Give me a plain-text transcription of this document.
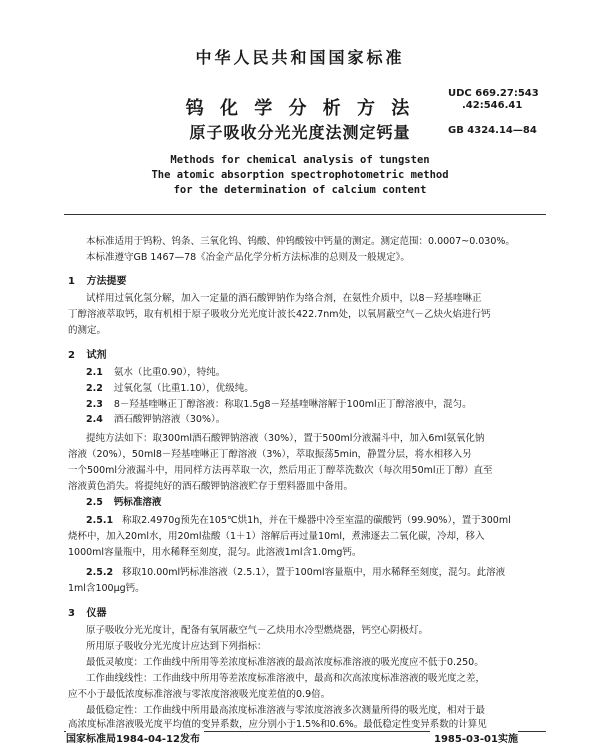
中华人民共和国国家标准
钨 化 学 分 析 方 法
原子吸收分光光度法测定钙量
UDC 669.27:543
.42:546.41
GB 4324.14—84
Methods for chemical analysis of tungsten
The atomic absorption spectrophotometric method
for the determination of calcium content
本标准适用于钨粉、钨条、三氧化钨、钨酸、仲钨酸铵中钙量的测定。测定范围：0.0007~0.030%。
本标准遵守GB 1467—78《冶金产品化学分析方法标准的总则及一般规定》。
1 方法提要
试样用过氧化氢分解，加入一定量的酒石酸钾钠作为络合剂，在氨性介质中，以8－羟基喹啉正
丁醇溶液萃取钙，取有机相于原子吸收分光光度计波长422.7nm处，以氧屑蔽空气－乙炔火焰进行钙
的测定。
2 试剂
2.1 氨水（比重0.90），特纯。
2.2 过氧化氢（比重1.10），优级纯。
2.3 8－羟基喹啉正丁醇溶液：称取1.5g8－羟基喹啉溶解于100ml正丁醇溶液中，混匀。
2.4 酒石酸钾钠溶液（30%）。
提纯方法如下：取300ml酒石酸钾钠溶液（30%），置于500ml分液漏斗中，加入6ml氨氧化钠
溶液（20%），50ml8－羟基喹啉正丁醇溶液（3%），萃取振荡5min，静置分层，将水相移入另
一个500ml分液漏斗中，用同样方法再萃取一次，然后用正丁醇萃洗数次（每次用50ml正丁醇）直至
溶液黄色消失。将提纯好的酒石酸钾钠溶液贮存于塑料器皿中备用。
2.5 钙标准溶液
2.5.1 称取2.4970g预先在105℃烘1h，并在干燥器中冷至室温的碳酸钙（99.90%），置于300ml
烧杯中，加入20ml水，用20ml盐酸（1＋1）溶解后再过量10ml，煮沸逐去二氧化碳，冷却，移入
1000ml容量瓶中，用水稀释至刻度，混匀。此溶液1ml含1.0mg钙。
2.5.2 移取10.00ml钙标准溶液（2.5.1），置于100ml容量瓶中，用水稀释至刻度，混匀。此溶液
1ml含100μg钙。
3 仪器
原子吸收分光光度计，配备有氧屑蔽空气－乙炔用水冷型燃烧器，钙空心阴极灯。
所用原子吸收分光光度计应达到下列指标：
最低灵敏度：工作曲线中所用等差浓度标准溶液的最高浓度标准溶液的吸光度应不低于0.250。
工作曲线线性：工作曲线中所用等差浓度标准溶液中，最高和次高浓度标准溶液的吸光度之差，
应不小于最低浓度标准溶液与零浓度溶液吸光度差值的0.9倍。
最低稳定性：工作曲线中所用最高浓度标准溶液与零浓度溶液多次测量所得的吸光度，相对于最
高浓度标准溶液吸光度平均值的变异系数，应分别小于1.5%和0.6%。最低稳定性变异系数的计算见
国家标准局1984-04-12发布	1985-03-01实施
